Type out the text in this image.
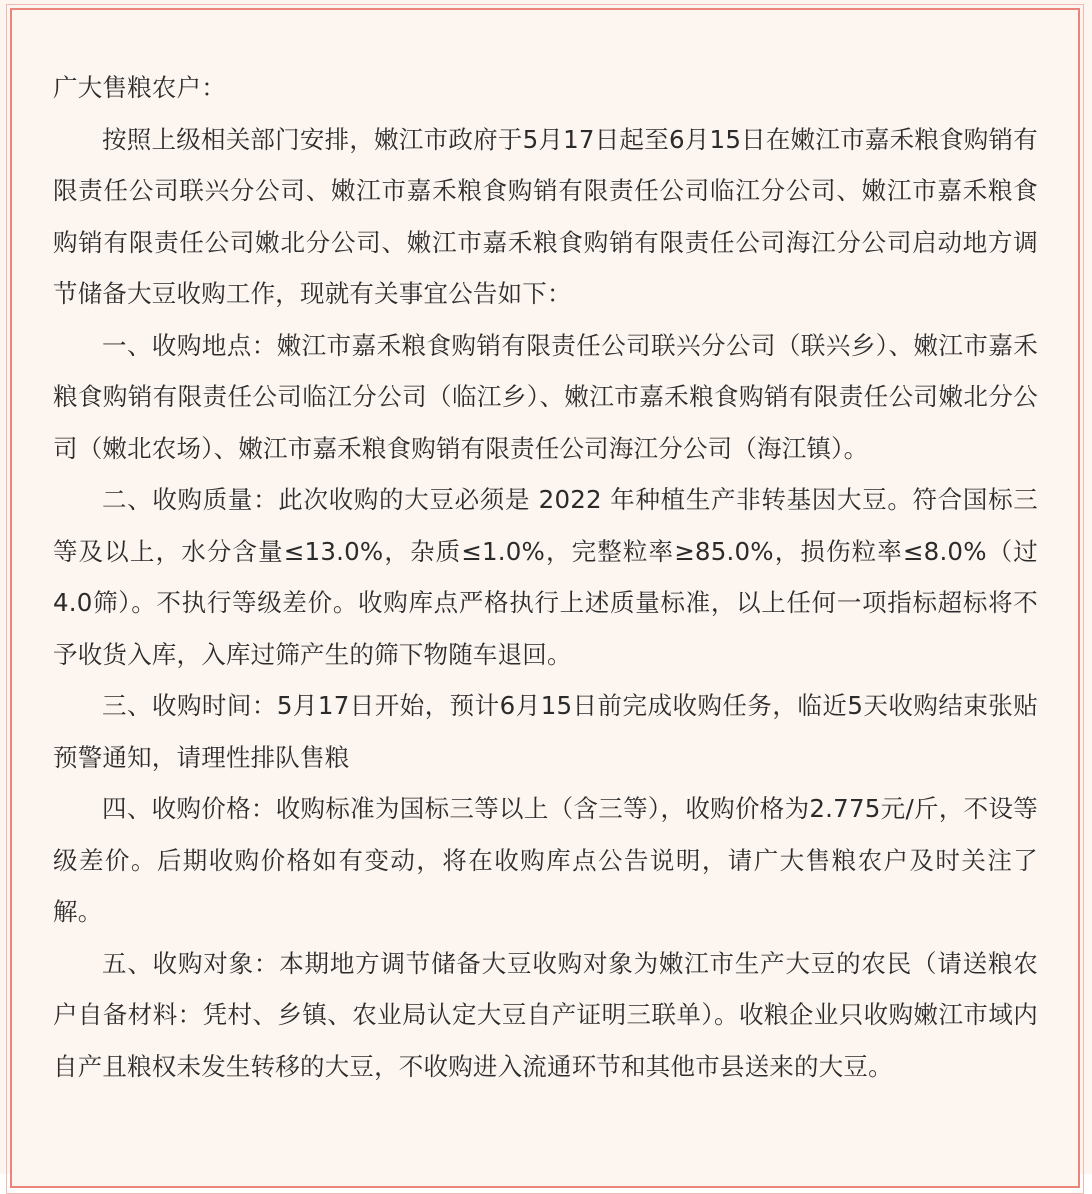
广大售粮农户：

按照上级相关部门安排，嫩江市政府于5月17日起至6月15日在嫩江市嘉禾粮食购销有限责任公司联兴分公司、嫩江市嘉禾粮食购销有限责任公司临江分公司、嫩江市嘉禾粮食购销有限责任公司嫩北分公司、嫩江市嘉禾粮食购销有限责任公司海江分公司启动地方调节储备大豆收购工作，现就有关事宜公告如下：

一、收购地点：嫩江市嘉禾粮食购销有限责任公司联兴分公司（联兴乡）、嫩江市嘉禾粮食购销有限责任公司临江分公司（临江乡）、嫩江市嘉禾粮食购销有限责任公司嫩北分公司（嫩北农场）、嫩江市嘉禾粮食购销有限责任公司海江分公司（海江镇）。

二、收购质量：此次收购的大豆必须是 2022 年种植生产非转基因大豆。符合国标三等及以上，水分含量≤13.0%，杂质≤1.0%，完整粒率≥85.0%，损伤粒率≤8.0%（过4.0筛）。不执行等级差价。收购库点严格执行上述质量标准，以上任何一项指标超标将不予收货入库，入库过筛产生的筛下物随车退回。

三、收购时间：5月17日开始，预计6月15日前完成收购任务，临近5天收购结束张贴预警通知，请理性排队售粮

四、收购价格：收购标准为国标三等以上（含三等），收购价格为2.775元/斤，不设等级差价。后期收购价格如有变动，将在收购库点公告说明，请广大售粮农户及时关注了解。

五、收购对象：本期地方调节储备大豆收购对象为嫩江市生产大豆的农民（请送粮农户自备材料：凭村、乡镇、农业局认定大豆自产证明三联单）。收粮企业只收购嫩江市域内自产且粮权未发生转移的大豆，不收购进入流通环节和其他市县送来的大豆。
